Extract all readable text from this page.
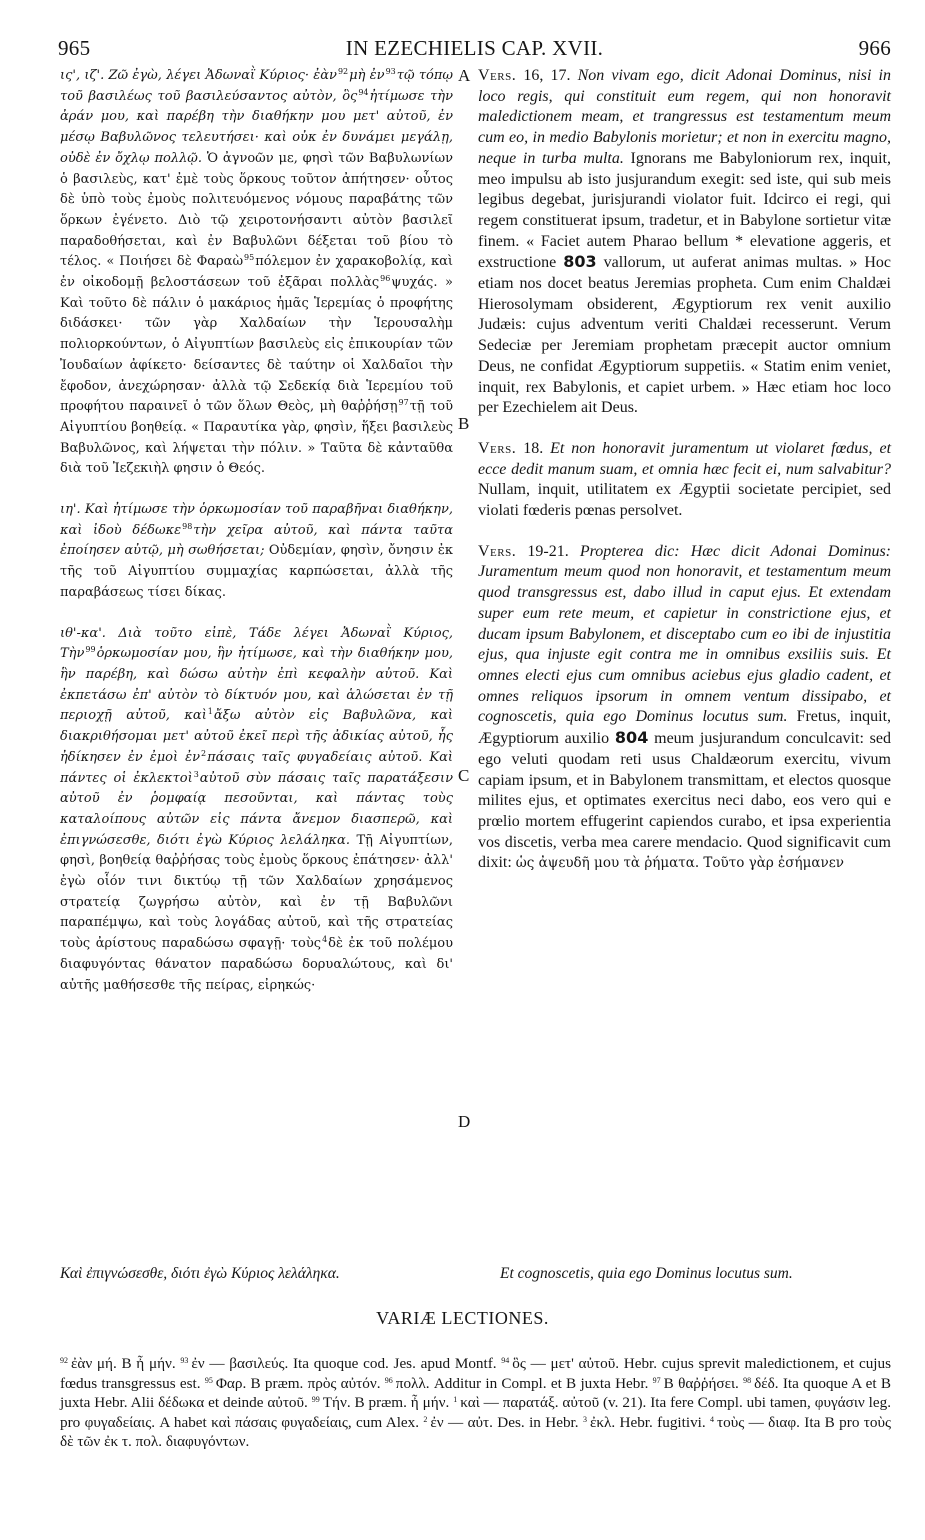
965	IN EZECHIELIS CAP. XVII.	966

ις', ιζ'. Ζῶ ἐγὼ, λέγει Ἀδωναῒ Κύριος· ἐὰν$^{92}$μὴ ἐν$^{93}$τῷ τόπῳ τοῦ βασιλέως τοῦ βασιλεύσαντος αὐτὸν, ὃς$^{94}$ἠτίμωσε τὴν ἀράν μου, καὶ παρέβη τὴν διαθήκην μου μετ' αὐτοῦ, ἐν μέσῳ Βαβυλῶνος τελευτήσει· καὶ οὐκ ἐν δυνάμει μεγάλῃ, οὐδὲ ἐν ὄχλῳ πολλῷ. Ὁ ἀγνοῶν με, φησὶ τῶν Βαβυλωνίων ὁ βασιλεὺς, κατ' ἐμὲ τοὺς ὅρκους τοῦτον ἀπήτησεν· οὗτος δὲ ὑπὸ τοὺς ἐμοὺς πολιτευόμενος νόμους παραβάτης τῶν ὅρκων ἐγένετο. Διὸ τῷ χειροτονήσαντι αὐτὸν βασιλεῖ παραδοθήσεται, καὶ ἐν Βαβυλῶνι δέξεται τοῦ βίου τὸ τέλος. « Ποιήσει δὲ Φαραὼ$^{95}$πόλεμον ἐν χαρακοβολίᾳ, καὶ ἐν οἰκοδομῇ βελοστάσεων τοῦ ἐξᾶραι πολλὰς$^{96}$ψυχάς. » Καὶ τοῦτο δὲ πάλιν ὁ μακάριος ἡμᾶς Ἱερεμίας ὁ προφήτης διδάσκει· τῶν γὰρ Χαλδαίων τὴν Ἱερουσαλὴμ πολιορκούντων, ὁ Αἰγυπτίων βασιλεὺς εἰς ἐπικουρίαν τῶν Ἰουδαίων ἀφίκετο· δείσαντες δὲ ταύτην οἱ Χαλδαῖοι τὴν ἔφοδον, ἀνεχώρησαν· ἀλλὰ τῷ Σεδεκίᾳ διὰ Ἱερεμίου τοῦ προφήτου παραινεῖ ὁ τῶν ὅλων Θεὸς, μὴ θαῤῥήσῃ$^{97}$τῇ τοῦ Αἰγυπτίου βοηθείᾳ. « Παραυτίκα γὰρ, φησὶν, ἥξει βασιλεὺς Βαβυλῶνος, καὶ λήψεται τὴν πόλιν. » Ταῦτα δὲ κἀνταῦθα διὰ τοῦ Ἰεζεκιὴλ φησιν ὁ Θεός.

ιη'. Καὶ ἠτίμωσε τὴν ὁρκωμοσίαν τοῦ παραβῆναι διαθήκην, καὶ ἰδοὺ δέδωκε$^{98}$τὴν χεῖρα αὐτοῦ, καὶ πάντα ταῦτα ἐποίησεν αὐτῷ, μὴ σωθήσεται; Οὐδεμίαν, φησὶν, ὄνησιν ἐκ τῆς τοῦ Αἰγυπτίου συμμαχίας καρπώσεται, ἀλλὰ τῆς παραβάσεως τίσει δίκας.

ιθ'-κα'. Διὰ τοῦτο εἰπὲ, Τάδε λέγει Ἀδωναῒ Κύριος, Τὴν$^{99}$ὁρκωμοσίαν μου, ἣν ἠτίμωσε, καὶ τὴν διαθήκην μου, ἣν παρέβη, καὶ δώσω αὐτὴν ἐπὶ κεφαλὴν αὐτοῦ. Καὶ ἐκπετάσω ἐπ' αὐτὸν τὸ δίκτυόν μου, καὶ ἁλώσεται ἐν τῇ περιοχῇ αὐτοῦ, καὶ$^1$ἄξω αὐτὸν εἰς Βαβυλῶνα, καὶ διακριθήσομαι μετ' αὐτοῦ ἐκεῖ περὶ τῆς ἀδικίας αὐτοῦ, ἧς ἠδίκησεν ἐν ἐμοὶ ἐν$^2$πάσαις ταῖς φυγαδείαις αὐτοῦ. Καὶ πάντες οἱ ἐκλεκτοὶ$^3$αὐτοῦ σὺν πάσαις ταῖς παρατάξεσιν αὐτοῦ ἐν ῥομφαίᾳ πεσοῦνται, καὶ πάντας τοὺς καταλοίπους αὐτῶν εἰς πάντα ἄνεμον διασπερῶ, καὶ ἐπιγνώσεσθε, διότι ἐγὼ Κύριος λελάληκα. Τῇ Αἰγυπτίων, φησὶ, βοηθείᾳ θαῤῥήσας τοὺς ἐμοὺς ὅρκους ἐπάτησεν· ἀλλ' ἐγὼ οἷόν τινι δικτύῳ τῇ τῶν Χαλδαίων χρησάμενος στρατείᾳ ζωγρήσω αὐτὸν, καὶ ἐν τῇ Βαβυλῶνι παραπέμψω, καὶ τοὺς λογάδας αὐτοῦ, καὶ τῆς στρατείας τοὺς ἀρίστους παραδώσω σφαγῇ· τοὺς$^4$δὲ ἐκ τοῦ πολέμου διαφυγόντας θάνατον παραδώσω δορυαλώτους, καὶ δι' αὐτῆς μαθήσεσθε τῆς πείρας, εἰρηκώς·

Vers. 16, 17. Non vivam ego, dicit Adonai Dominus, nisi in loco regis, qui constituit eum regem, qui non honoravit maledictionem meam, et trangressus est testamentum meum cum eo, in medio Babylonis morietur; et non in exercitu magno, neque in turba multa. Ignorans me Babyloniorum rex, inquit, meo impulsu ab isto jusjurandum exegit: sed iste, qui sub meis legibus degebat, jurisjurandi violator fuit. Idcirco ei regi, qui regem constituerat ipsum, tradetur, et in Babylone sortietur vitæ finem. « Faciet autem Pharao bellum * elevatione aggeris, et exstructione 803 vallorum, ut auferat animas multas. » Hoc etiam nos docet beatus Jeremias propheta. Cum enim Chaldæi Hierosolymam obsiderent, Ægyptiorum rex venit auxilio Judæis: cujus adventum veriti Chaldæi recesserunt. Verum Sedeciæ per Jeremiam prophetam præcepit auctor omnium Deus, ne confidat Ægyptiorum suppetiis. « Statim enim veniet, inquit, rex Babylonis, et capiet urbem. » Hæc etiam hoc loco per Ezechielem ait Deus.

Vers. 18. Et non honoravit juramentum ut violaret fœdus, et ecce dedit manum suam, et omnia hæc fecit ei, num salvabitur? Nullam, inquit, utilitatem ex Ægyptii societate percipiet, sed violati fœderis pœnas persolvet.

Vers. 19-21. Propterea dic: Hæc dicit Adonai Dominus: Juramentum meum quod non honoravit, et testamentum meum quod transgressus est, dabo illud in caput ejus. Et extendam super eum rete meum, et capietur in constrictione ejus, et ducam ipsum Babylonem, et disceptabo cum eo ibi de injustitia ejus, qua injuste egit contra me in omnibus exsiliis suis. Et omnes electi ejus cum omnibus aciebus ejus gladio cadent, et omnes reliquos ipsorum in omnem ventum dissipabo, et cognoscetis, quia ego Dominus locutus sum. Fretus, inquit, Ægyptiorum auxilio 804 meum jusjurandum conculcavit: sed ego veluti quodam reti usus Chaldæorum exercitu, vivum capiam ipsum, et in Babylonem transmittam, et electos quosque milites ejus, et optimates exercitus neci dabo, eos vero qui e prœlio mortem effugerint capiendos curabo, et ipsa experientia vos discetis, verba mea carere mendacio. Quod significavit cum dixit: ὡς ἀψευδῆ μου τὰ ῥήματα. Τοῦτο γὰρ ἐσήμανεν

A
B
C
D
Καὶ ἐπιγνώσεσθε, διότι ἐγὼ Κύριος λελάληκα.	Et cognoscetis, quia ego Dominus locutus sum.
VARIÆ LECTIONES.
$^{92}$ ἐὰν μή. B ἦ μήν. $^{93}$ ἐν — βασιλεύς. Ita quoque cod. Jes. apud Montf. $^{94}$ ὃς — μετ' αὐτοῦ. Hebr. cujus sprevit maledictionem, et cujus fœdus transgressus est. $^{95}$ Φαρ. B præm. πρὸς αὐτόν. $^{96}$ πολλ. Additur in Compl. et B juxta Hebr. $^{97}$ B θαῤῥήσει. $^{98}$ δέδ. Ita quoque A et B juxta Hebr. Alii δέδωκα et deinde αὐτοῦ. $^{99}$ Τήν. B præm. ἦ μήν. $^1$ καὶ — παρατάξ. αὐτοῦ (v. 21). Ita fere Compl. ubi tamen, φυγάσιν leg. pro φυγαδείαις. A habet καὶ πάσαις φυγαδείαις, cum Alex. $^2$ ἐν — αὐτ. Des. in Hebr. $^3$ ἐκλ. Hebr. fugitivi. $^4$ τοὺς — διαφ. Ita B pro τοὺς δὲ τῶν ἐκ τ. πολ. διαφυγόντων.
